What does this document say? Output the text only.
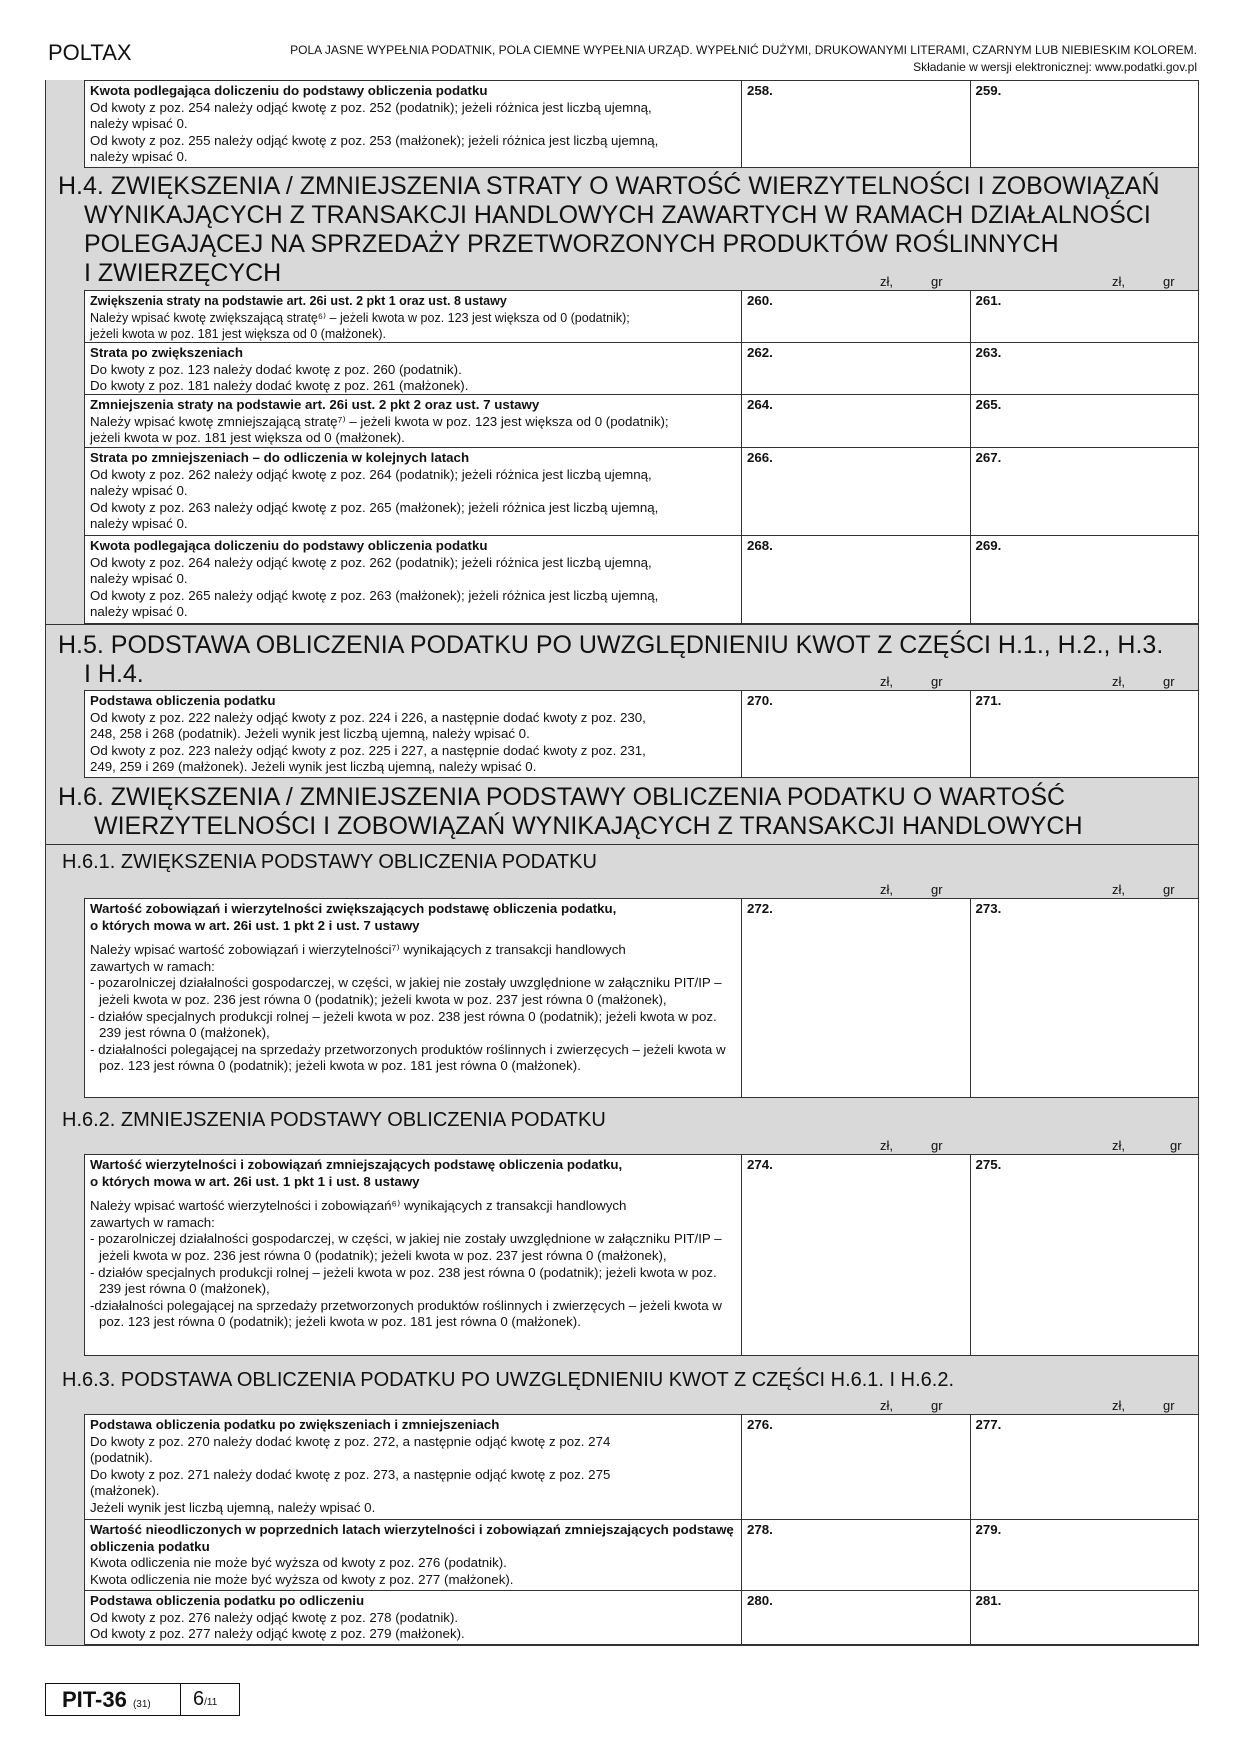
POLTAX	POLA JASNE WYPEŁNIA PODATNIK, POLA CIEMNE WYPEŁNIA URZĄD. WYPEŁNIĆ DUŻYMI, DRUKOWANYMI LITERAMI, CZARNYM LUB NIEBIESKIM KOLOREM.
Składanie w wersji elektronicznej: www.podatki.gov.pl
Kwota podlegająca doliczeniu do podstawy obliczenia podatku
Od kwoty z poz. 254 należy odjąć kwotę z poz. 252 (podatnik); jeżeli różnica jest liczbą ujemną,
należy wpisać 0.
Od kwoty z poz. 255 należy odjąć kwotę z poz. 253 (małżonek); jeżeli różnica jest liczbą ujemną,
należy wpisać 0.
258.	259.
H.4. ZWIĘKSZENIA / ZMNIEJSZENIA STRATY O WARTOŚĆ WIERZYTELNOŚCI I ZOBOWIĄZAŃ
WYNIKAJĄCYCH Z TRANSAKCJI HANDLOWYCH ZAWARTYCH W RAMACH DZIAŁALNOŚCI
POLEGAJĄCEJ NA SPRZEDAŻY PRZETWORZONYCH PRODUKTÓW ROŚLINNYCH
I ZWIERZĘCYCH	zł,	gr	zł,	gr
Zwiększenia straty na podstawie art. 26i ust. 2 pkt 1 oraz ust. 8 ustawy
Należy wpisać kwotę zwiększającą stratę⁶⁾ – jeżeli kwota w poz. 123 jest większa od 0 (podatnik);
jeżeli kwota w poz. 181 jest większa od 0 (małżonek).
260.	261.
Strata po zwiększeniach
Do kwoty z poz. 123 należy dodać kwotę z poz. 260 (podatnik).
Do kwoty z poz. 181 należy dodać kwotę z poz. 261 (małżonek).
262.	263.
Zmniejszenia straty na podstawie art. 26i ust. 2 pkt 2 oraz ust. 7 ustawy
Należy wpisać kwotę zmniejszającą stratę⁷⁾ – jeżeli kwota w poz. 123 jest większa od 0 (podatnik);
jeżeli kwota w poz. 181 jest większa od 0 (małżonek).
264.	265.
Strata po zmniejszeniach – do odliczenia w kolejnych latach
Od kwoty z poz. 262 należy odjąć kwotę z poz. 264 (podatnik); jeżeli różnica jest liczbą ujemną,
należy wpisać 0.
Od kwoty z poz. 263 należy odjąć kwotę z poz. 265 (małżonek); jeżeli różnica jest liczbą ujemną,
należy wpisać 0.
266.	267.
Kwota podlegająca doliczeniu do podstawy obliczenia podatku
Od kwoty z poz. 264 należy odjąć kwotę z poz. 262 (podatnik); jeżeli różnica jest liczbą ujemną,
należy wpisać 0.
Od kwoty z poz. 265 należy odjąć kwotę z poz. 263 (małżonek); jeżeli różnica jest liczbą ujemną,
należy wpisać 0.
268.	269.
H.5. PODSTAWA OBLICZENIA PODATKU PO UWZGLĘDNIENIU KWOT Z CZĘŚCI H.1., H.2., H.3.
I H.4.	zł,	gr	zł,	gr
Podstawa obliczenia podatku
Od kwoty z poz. 222 należy odjąć kwoty z poz. 224 i 226, a następnie dodać kwoty z poz. 230,
248, 258 i 268 (podatnik). Jeżeli wynik jest liczbą ujemną, należy wpisać 0.
Od kwoty z poz. 223 należy odjąć kwoty z poz. 225 i 227, a następnie dodać kwoty z poz. 231,
249, 259 i 269 (małżonek). Jeżeli wynik jest liczbą ujemną, należy wpisać 0.
270.	271.
H.6. ZWIĘKSZENIA / ZMNIEJSZENIA PODSTAWY OBLICZENIA PODATKU O WARTOŚĆ
WIERZYTELNOŚCI I ZOBOWIĄZAŃ WYNIKAJĄCYCH Z TRANSAKCJI HANDLOWYCH
H.6.1. ZWIĘKSZENIA PODSTAWY OBLICZENIA PODATKU
zł,	gr	zł,	gr
Wartość zobowiązań i wierzytelności zwiększających podstawę obliczenia podatku,
o których mowa w art. 26i ust. 1 pkt 2 i ust. 7 ustawy
Należy wpisać wartość zobowiązań i wierzytelności⁷⁾ wynikających z transakcji handlowych
zawartych w ramach:
- pozarolniczej działalności gospodarczej, w części, w jakiej nie zostały uwzględnione w załączniku PIT/IP – jeżeli kwota w poz. 236 jest równa 0 (podatnik); jeżeli kwota w poz. 237 jest równa 0 (małżonek),
- działów specjalnych produkcji rolnej – jeżeli kwota w poz. 238 jest równa 0 (podatnik); jeżeli kwota w poz. 239 jest równa 0 (małżonek),
- działalności polegającej na sprzedaży przetworzonych produktów roślinnych i zwierzęcych – jeżeli kwota w poz. 123 jest równa 0 (podatnik); jeżeli kwota w poz. 181 jest równa 0 (małżonek).
272.	273.
H.6.2. ZMNIEJSZENIA PODSTAWY OBLICZENIA PODATKU
zł,	gr	zł,	gr
Wartość wierzytelności i zobowiązań zmniejszających podstawę obliczenia podatku,
o których mowa w art. 26i ust. 1 pkt 1 i ust. 8 ustawy
Należy wpisać wartość wierzytelności i zobowiązań⁶⁾ wynikających z transakcji handlowych
zawartych w ramach:
- pozarolniczej działalności gospodarczej, w części, w jakiej nie zostały uwzględnione w załączniku PIT/IP – jeżeli kwota w poz. 236 jest równa 0 (podatnik); jeżeli kwota w poz. 237 jest równa 0 (małżonek),
- działów specjalnych produkcji rolnej – jeżeli kwota w poz. 238 jest równa 0 (podatnik); jeżeli kwota w poz. 239 jest równa 0 (małżonek),
-działalności polegającej na sprzedaży przetworzonych produktów roślinnych i zwierzęcych – jeżeli kwota w poz. 123 jest równa 0 (podatnik); jeżeli kwota w poz. 181 jest równa 0 (małżonek).
274.	275.
H.6.3. PODSTAWA OBLICZENIA PODATKU PO UWZGLĘDNIENIU KWOT Z CZĘŚCI H.6.1. I H.6.2.
zł,	gr	zł,	gr
Podstawa obliczenia podatku po zwiększeniach i zmniejszeniach
Do kwoty z poz. 270 należy dodać kwotę z poz. 272, a następnie odjąć kwotę z poz. 274
(podatnik).
Do kwoty z poz. 271 należy dodać kwotę z poz. 273, a następnie odjąć kwotę z poz. 275
(małżonek).
Jeżeli wynik jest liczbą ujemną, należy wpisać 0.
276.	277.
Wartość nieodliczonych w poprzednich latach wierzytelności i zobowiązań zmniejszających podstawę obliczenia podatku
Kwota odliczenia nie może być wyższa od kwoty z poz. 276 (podatnik).
Kwota odliczenia nie może być wyższa od kwoty z poz. 277 (małżonek).
278.	279.
Podstawa obliczenia podatku po odliczeniu
Od kwoty z poz. 276 należy odjąć kwotę z poz. 278 (podatnik).
Od kwoty z poz. 277 należy odjąć kwotę z poz. 279 (małżonek).
280.	281.
PIT-36 (31)	6/11
